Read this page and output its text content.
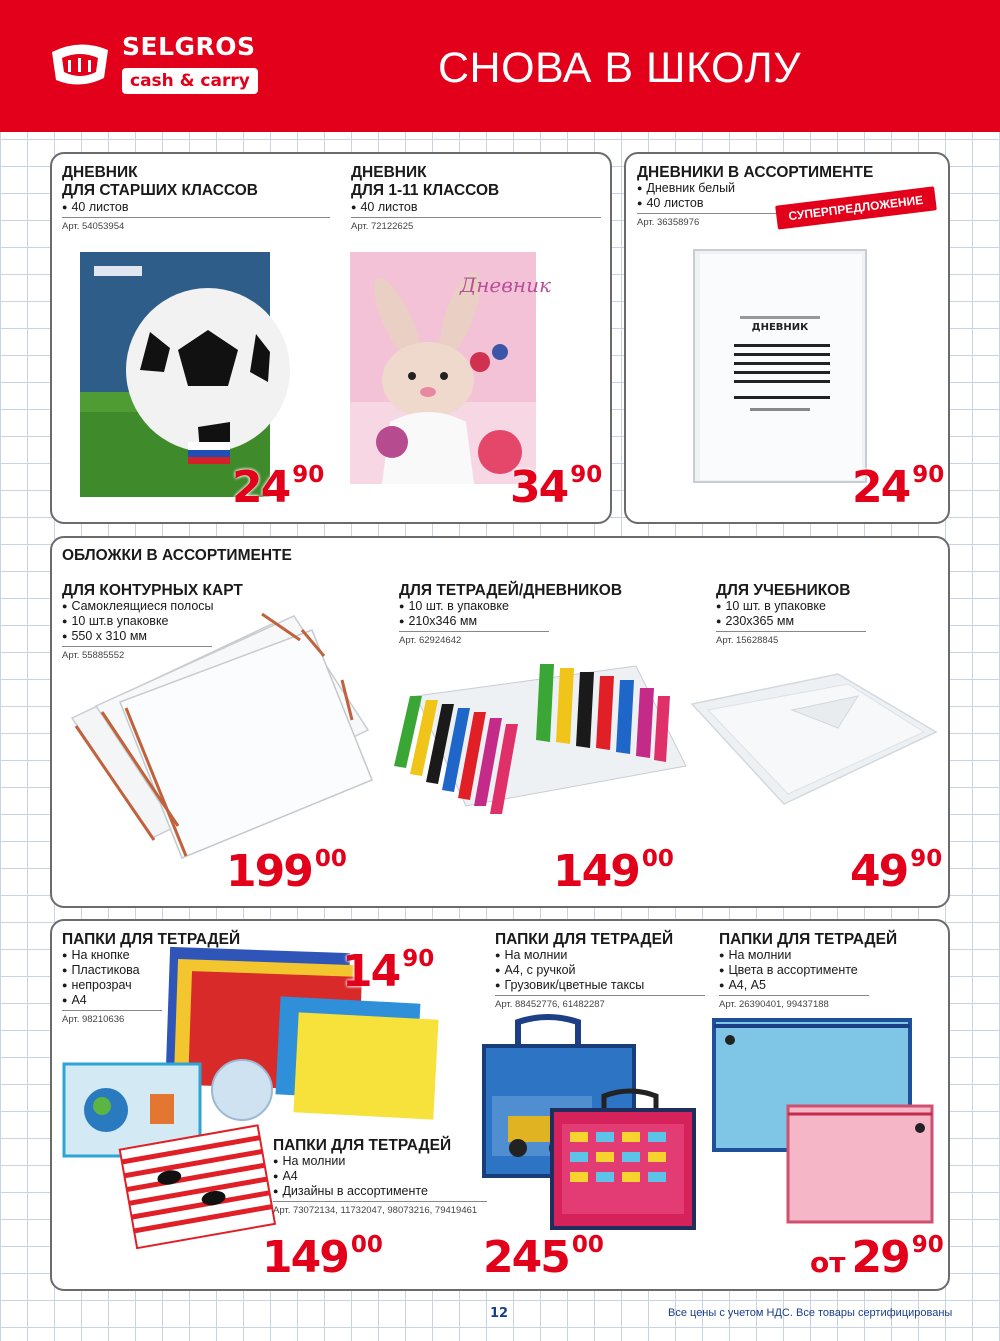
SELGROS
cash & carry	СНОВА В ШКОЛУ
ДНЕВНИК
ДЛЯ СТАРШИХ КЛАССОВ
● 40 листов
Арт. 54053954
24 90
ДНЕВНИК
ДЛЯ 1-11 КЛАССОВ
● 40 листов
Арт. 72122625
Дневник
34 90
ДНЕВНИКИ В АССОРТИМЕНТЕ
● Дневник белый
● 40 листов
Арт. 36358976	СУПЕРПРЕДЛОЖЕНИЕ
ДНЕВНИК
24 90
ОБЛОЖКИ В АССОРТИМЕНТЕ
ДЛЯ КОНТУРНЫХ КАРТ
● Самоклеящиеся полосы
● 10 шт.в упаковке
● 550 x 310 мм
Арт. 55885552
199 00
ДЛЯ ТЕТРАДЕЙ/ДНЕВНИКОВ
● 10 шт. в упаковке
● 210x346 мм
Арт. 62924642
149 00
ДЛЯ УЧЕБНИКОВ
● 10 шт. в упаковке
● 230x365 мм
Арт. 15628845
49 90
ПАПКИ ДЛЯ ТЕТРАДЕЙ
● На кнопке
● Пластикова
● непрозрач
● А4
Арт. 98210636
14 90
ПАПКИ ДЛЯ ТЕТРАДЕЙ
● На молнии
● А4
● Дизайны в ассортименте
Арт. 73072134, 11732047, 98073216, 79419461
149 00
ПАПКИ ДЛЯ ТЕТРАДЕЙ
● На молнии
● А4, с ручкой
● Грузовик/цветные таксы
Арт. 88452776, 61482287
245 00
ПАПКИ ДЛЯ ТЕТРАДЕЙ
● На молнии
● Цвета в ассортименте
● А4, А5
Арт. 26390401, 99437188
от 29 90
12	Все цены с учетом НДС. Все товары сертифицированы
